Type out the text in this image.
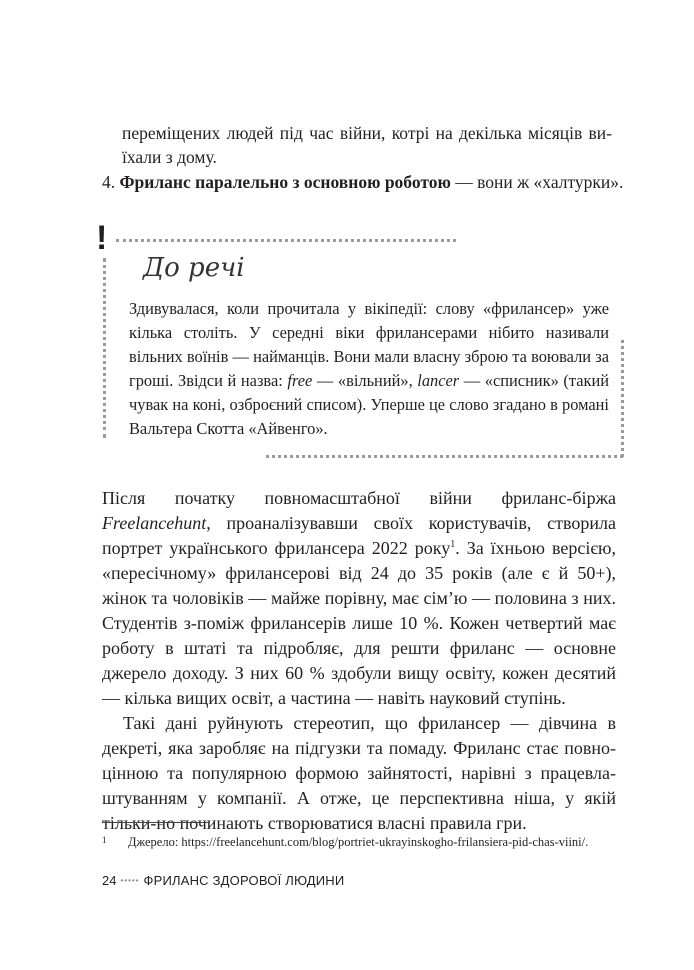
переміщених людей під час війни, котрі на декілька місяців ви-

їхали з дому.

4. Фриланс паралельно з основною роботою — вони ж «халтурки».
!
До речі

Здивувалася, коли прочитала у вікіпедії: слову «фрилансер» уже кілька століть. У середні віки фрилансерами нібито називали вільних воїнів — найманців. Вони мали власну зброю та воювали за гроші. Звідси й назва: free — «вільний», lancer — «списник» (такий чувак на коні, озброєний списом). Уперше це слово згадано в романі Вальтера Скотта «Айвенго».

Після початку повномасштабної війни фриланс-біржа Freelancehunt, проаналізувавши своїх користувачів, створила портрет українського фрилансера 2022 року$^1$. За їхньою версією, «пересічному» фрилансерові від 24 до 35 років (але є й 50+), жінок та чоловіків — майже порівну, має сім’ю — половина з них. Студентів з-поміж фрилансерів лише 10 %. Кожен четвертий має роботу в штаті та підробляє, для решти фриланс — основне джерело доходу. З них 60 % здобули вищу освіту, кожен десятий — кілька вищих освіт, а частина — навіть науковий ступінь.

Такі дані руйнують стереотип, що фрилансер — дівчина в декреті, яка заробляє на підгузки та помаду. Фриланс стає повноцінною та популярною формою зайнятості, нарівні з працевлаштуванням у компанії. А отже, це перспективна ніша, у якій тільки-но починають створюватися власні правила гри.

1 Джерело: https://freelancehunt.com/blog/portriet-ukrayinskogho-frilansiera-pid-chas-viini/.
24 ••••• ФРИЛАНС ЗДОРОВОЇ ЛЮДИНИ
